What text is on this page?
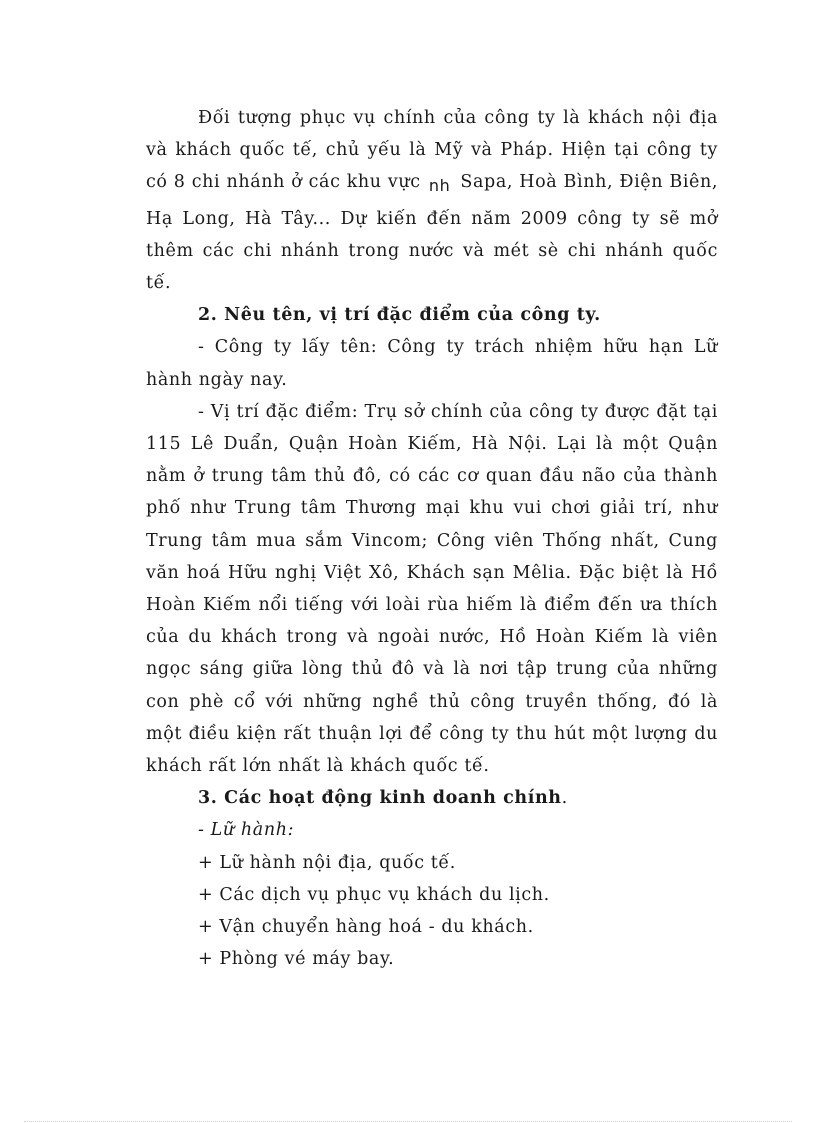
Đối tượng phục vụ chính của công ty là khách nội địa và khách quốc tế, chủ yếu là Mỹ và Pháp. Hiện tại công ty có 8 chi nhánh ở các khu vực nh Sapa, Hoà Bình, Điện Biên, Hạ Long, Hà Tây... Dự kiến đến năm 2009 công ty sẽ mở thêm các chi nhánh trong nước và mét sè chi nhánh quốc tế.

2. Nêu tên, vị trí đặc điểm của công ty.

- Công ty lấy tên: Công ty trách nhiệm hữu hạn Lữ hành ngày nay.

- Vị trí đặc điểm: Trụ sở chính của công ty được đặt tại 115 Lê Duẩn, Quận Hoàn Kiếm, Hà Nội. Lại là một Quận nằm ở trung tâm thủ đô, có các cơ quan đầu não của thành phố như Trung tâm Thương mại khu vui chơi giải trí, như Trung tâm mua sắm Vincom; Công viên Thống nhất, Cung văn hoá Hữu nghị Việt Xô, Khách sạn Mêlia. Đặc biệt là Hồ Hoàn Kiếm nổi tiếng với loài rùa hiếm là điểm đến ưa thích của du khách trong và ngoài nước, Hồ Hoàn Kiếm là viên ngọc sáng giữa lòng thủ đô và là nơi tập trung của những con phè cổ với những nghề thủ công truyền thống, đó là một điều kiện rất thuận lợi để công ty thu hút một lượng du khách rất lớn nhất là khách quốc tế.

3. Các hoạt động kinh doanh chính.

- Lữ hành:

+ Lữ hành nội địa, quốc tế.

+ Các dịch vụ phục vụ khách du lịch.

+ Vận chuyển hàng hoá - du khách.

+ Phòng vé máy bay.
